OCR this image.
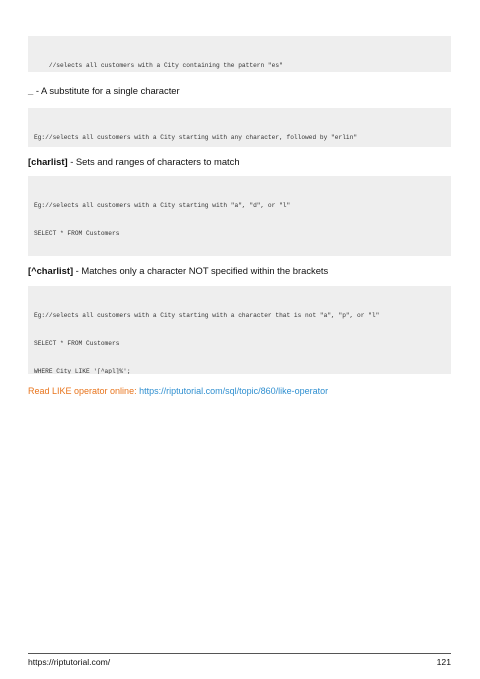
//selects all customers with a City containing the pattern "es"

_ - A substitute for a single character

Eg://selects all customers with a City starting with any character, followed by "erlin"

[charlist] - Sets and ranges of characters to match

Eg://selects all customers with a City starting with "a", "d", or "l"

SELECT * FROM Customers

[^charlist] - Matches only a character NOT specified within the brackets

Eg://selects all customers with a City starting with a character that is not "a", "p", or "l"

SELECT * FROM Customers

WHERE City LIKE '[^apl]%';

Read LIKE operator online: https://riptutorial.com/sql/topic/860/like-operator
https://riptutorial.com/	121
